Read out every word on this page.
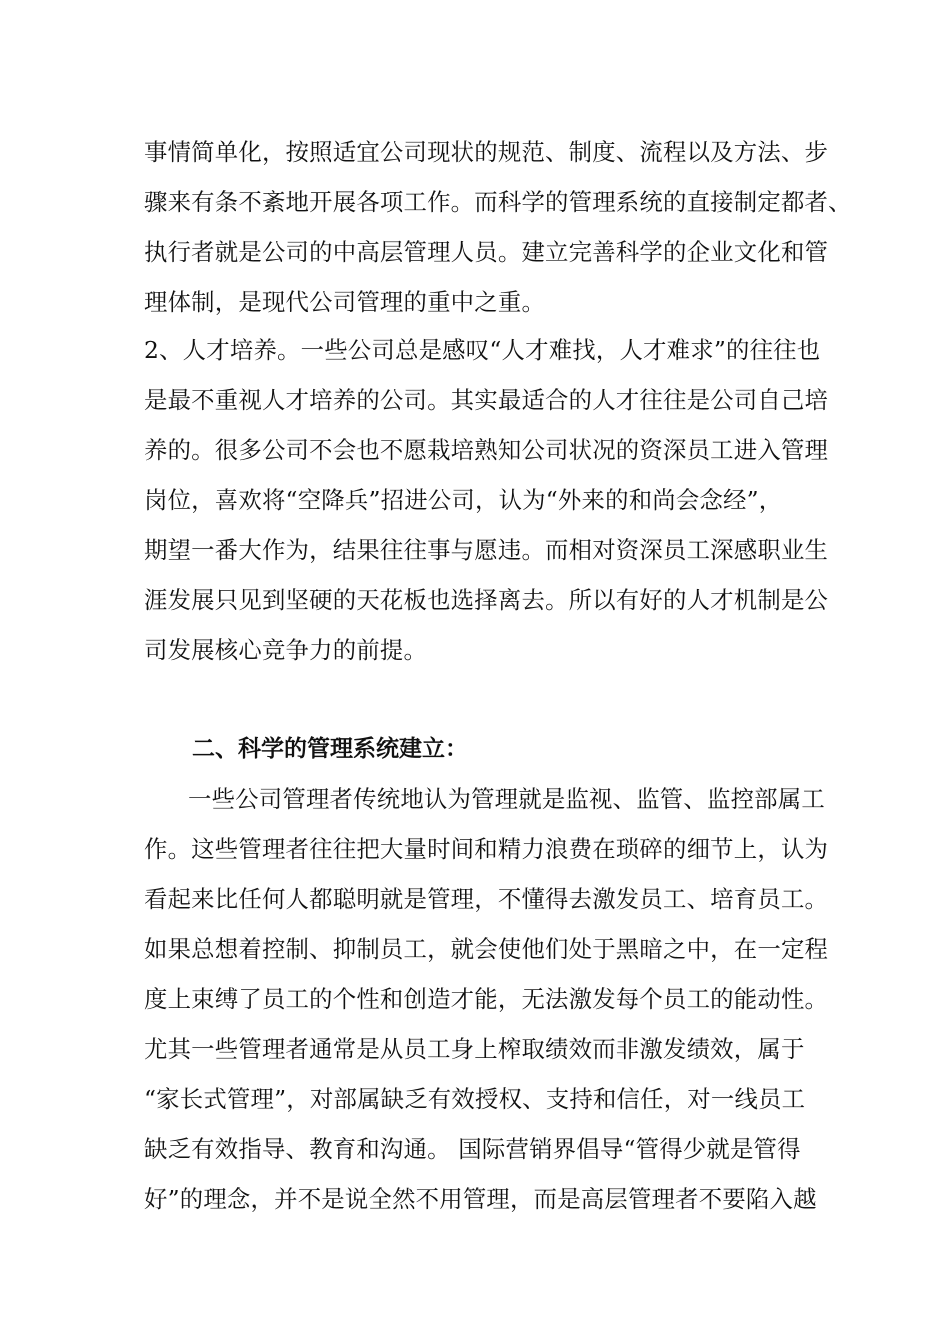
事情简单化，按照适宜公司现状的规范、制度、流程以及方法、步
骤来有条不紊地开展各项工作。而科学的管理系统的直接制定都者、
执行者就是公司的中高层管理人员。建立完善科学的企业文化和管
理体制，是现代公司管理的重中之重。
2、人才培养。一些公司总是感叹“人才难找，人才难求”的往往也
是最不重视人才培养的公司。其实最适合的人才往往是公司自己培
养的。很多公司不会也不愿栽培熟知公司状况的资深员工进入管理
岗位，喜欢将“空降兵”招进公司，认为“外来的和尚会念经”，
期望一番大作为，结果往往事与愿违。而相对资深员工深感职业生
涯发展只见到坚硬的天花板也选择离去。所以有好的人才机制是公
司发展核心竞争力的前提。
二、科学的管理系统建立：
一些公司管理者传统地认为管理就是监视、监管、监控部属工
作。这些管理者往往把大量时间和精力浪费在琐碎的细节上，认为
看起来比任何人都聪明就是管理，不懂得去激发员工、培育员工。
如果总想着控制、抑制员工，就会使他们处于黑暗之中，在一定程
度上束缚了员工的个性和创造才能，无法激发每个员工的能动性。
尤其一些管理者通常是从员工身上榨取绩效而非激发绩效，属于
“家长式管理”，对部属缺乏有效授权、支持和信任，对一线员工
缺乏有效指导、教育和沟通。 国际营销界倡导“管得少就是管得
好”的理念，并不是说全然不用管理，而是高层管理者不要陷入越
